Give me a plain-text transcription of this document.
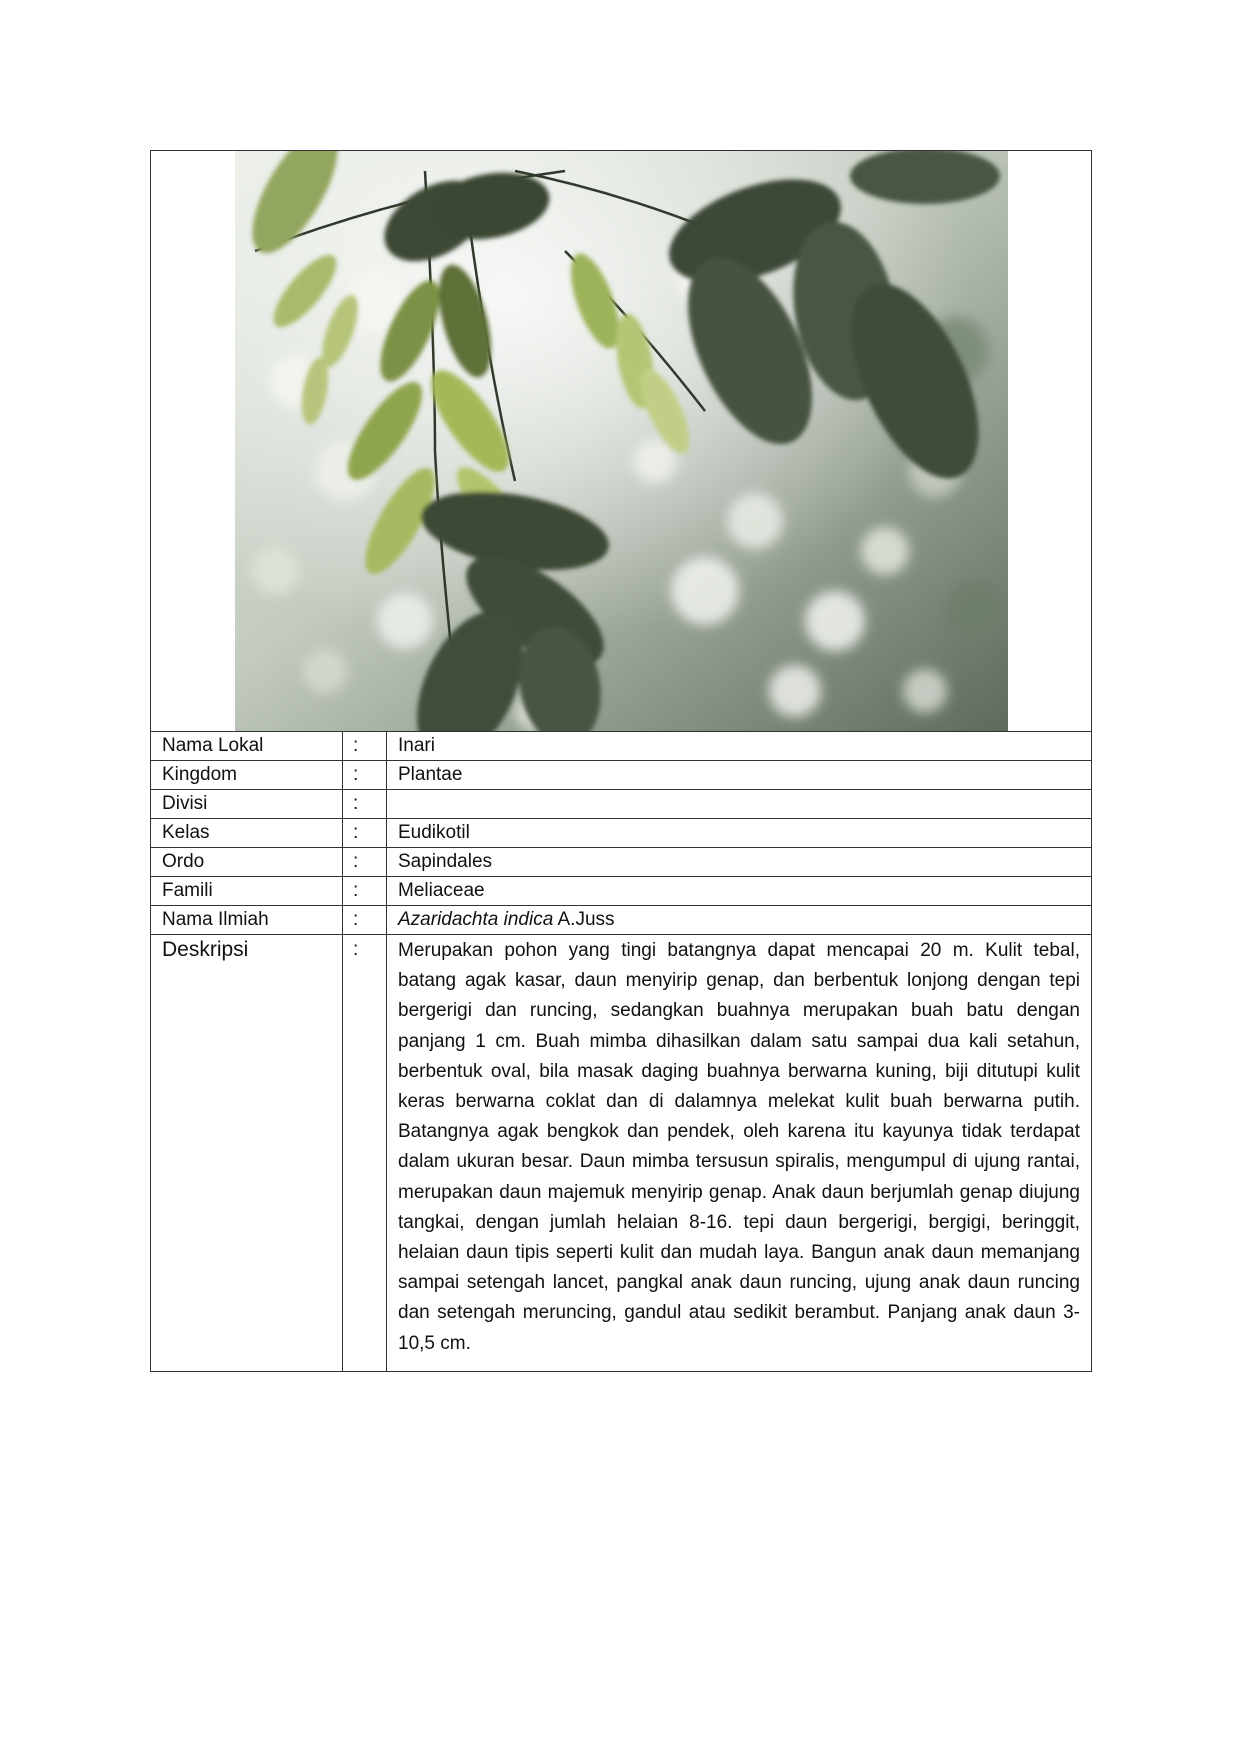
Nama Lokal	:	Inari
Kingdom	:	Plantae
Divisi	:	
Kelas	:	Eudikotil
Ordo	:	Sapindales
Famili	:	Meliaceae
Nama Ilmiah	:	Azaridachta indica A.Juss
Deskripsi	:	Merupakan pohon yang tingi batangnya dapat mencapai 20 m. Kulit tebal, batang agak kasar, daun menyirip genap, dan berbentuk lonjong dengan tepi bergerigi dan runcing, sedangkan buahnya merupakan buah batu dengan panjang 1 cm. Buah mimba dihasilkan dalam satu sampai dua kali setahun, berbentuk oval, bila masak daging buahnya berwarna kuning, biji ditutupi kulit keras berwarna coklat dan di dalamnya melekat kulit buah berwarna putih. Batangnya agak bengkok dan pendek, oleh karena itu kayunya tidak terdapat dalam ukuran besar. Daun mimba tersusun spiralis, mengumpul di ujung rantai, merupakan daun majemuk menyirip genap. Anak daun berjumlah genap diujung tangkai, dengan jumlah helaian 8-16. tepi daun bergerigi, bergigi, beringgit, helaian daun tipis seperti kulit dan mudah laya. Bangun anak daun memanjang sampai setengah lancet, pangkal anak daun runcing, ujung anak daun runcing dan setengah meruncing, gandul atau sedikit berambut. Panjang anak daun 3-10,5 cm.
